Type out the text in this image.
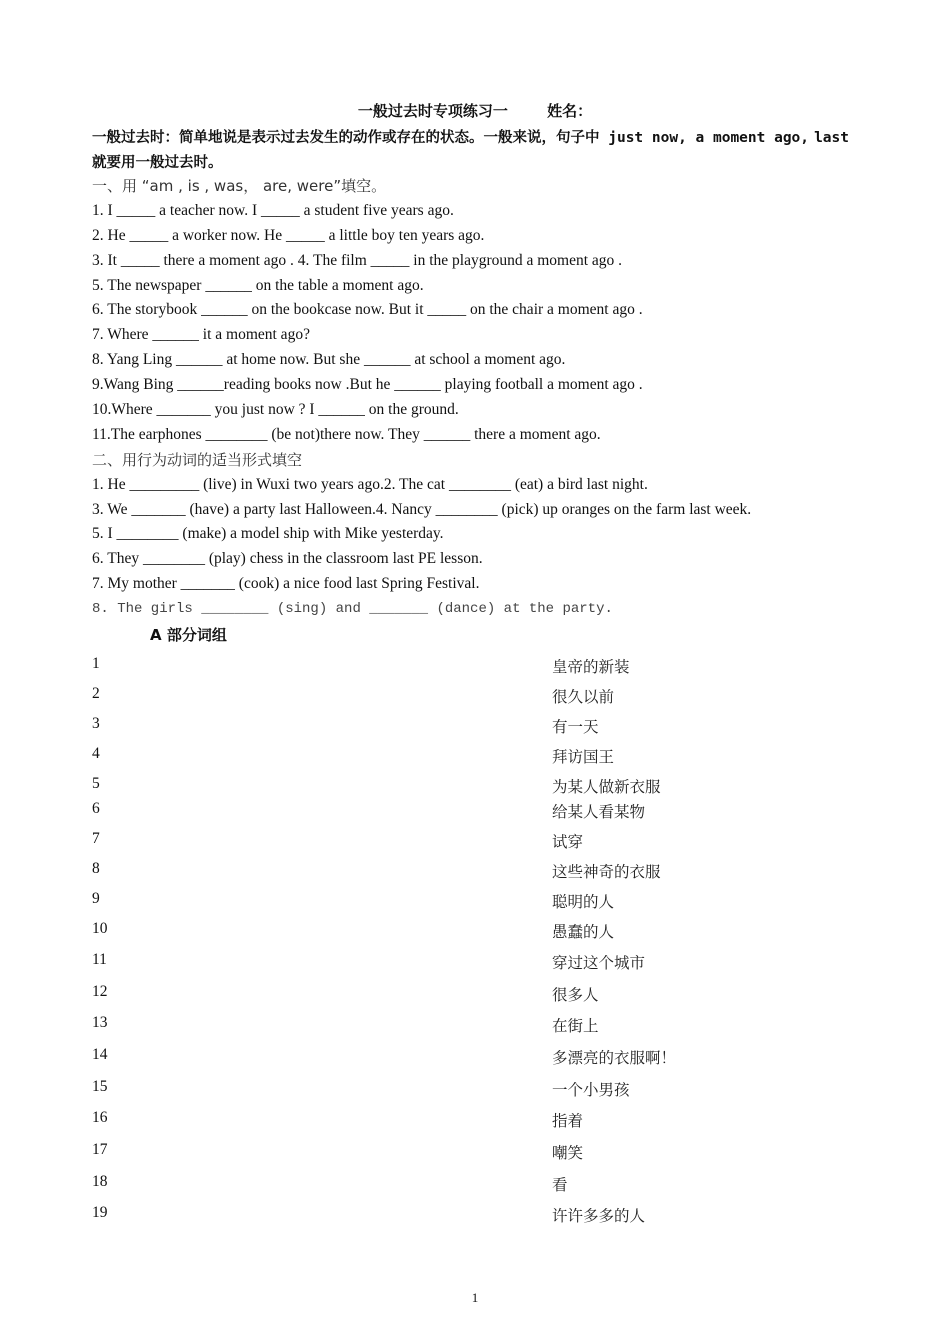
一般过去时专项练习一	姓名：
一般过去时：简单地说是表示过去发生的动作或存在的状态。一般来说，句子中 just now, a moment ago, last就要用一般过去时。
一、用 “am , is , was， are, were”填空。
1. I _____ a teacher now. I _____ a student five years ago.
2. He _____ a worker now. He _____ a little boy ten years ago.
3. It _____ there a moment ago . 4. The film _____ in the playground a moment ago .
5. The newspaper ______ on the table a moment ago.
6. The storybook ______ on the bookcase now. But it _____ on the chair a moment ago .
7. Where ______ it a moment ago?
8. Yang Ling ______ at home now. But she ______ at school a moment ago.
9.Wang Bing ______reading books now .But he ______ playing football a moment ago .
10.Where _______ you just now ? I ______ on the ground.
11.The earphones ________ (be not)there now. They ______ there a moment ago.
二、用行为动词的适当形式填空
1. He _________ (live) in Wuxi two years ago.2. The cat ________ (eat) a bird last night.
3. We _______ (have) a party last Halloween.4. Nancy ________ (pick) up oranges on the farm last week.
5. I ________ (make) a model ship with Mike yesterday.
6. They ________ (play) chess in the classroom last PE lesson.
7. My mother _______ (cook) a nice food last Spring Festival.
8. The girls ________ (sing) and _______ (dance) at the party.
A 部分词组
1	皇帝的新装
2	很久以前
3	有一天
4	拜访国王
5	为某人做新衣服
6	给某人看某物
7	试穿
8	这些神奇的衣服
9	聪明的人
10	愚蠢的人
11	穿过这个城市
12	很多人
13	在街上
14	多漂亮的衣服啊！
15	一个小男孩
16	指着
17	嘲笑
18	看
19	许许多多的人
1
